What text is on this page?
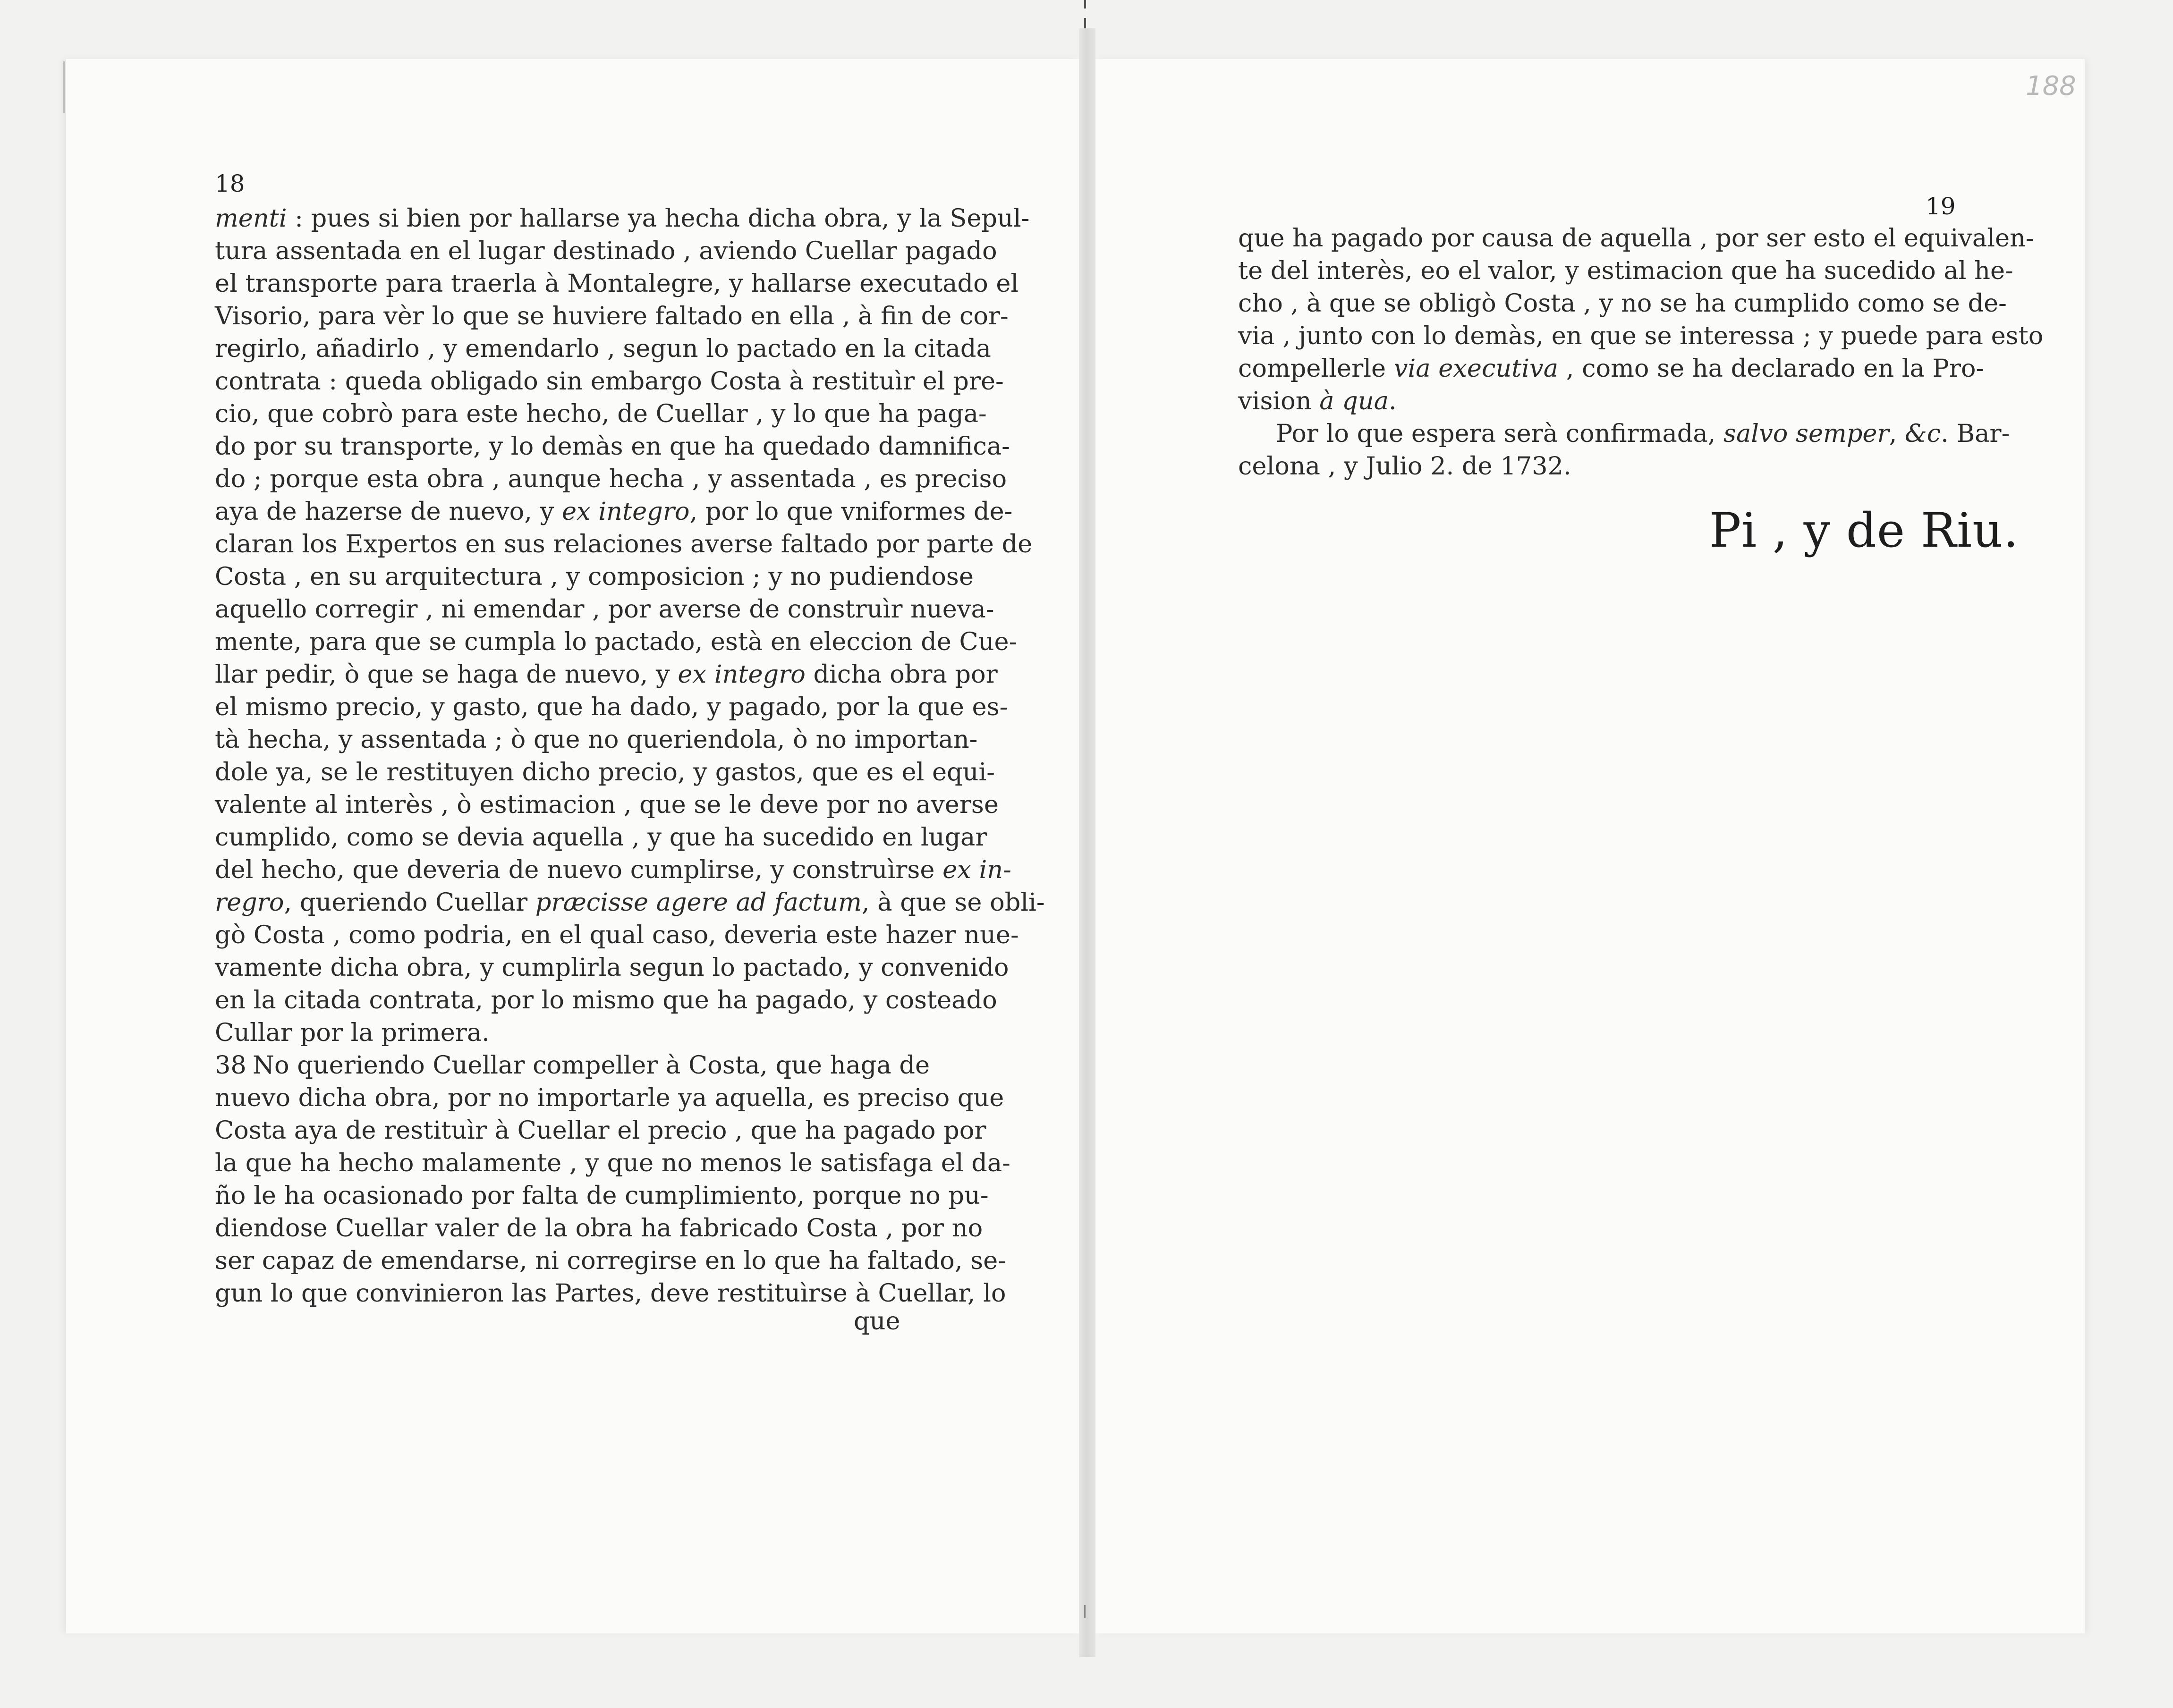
18
menti : pues si bien por hallarse ya hecha dicha obra, y la Sepul-
tura assentada en el lugar destinado , aviendo Cuellar pagado
el transporte para traerla à Montalegre, y hallarse executado el
Visorio, para vèr lo que se huviere faltado en ella , à fin de cor-
regirlo, añadirlo , y emendarlo , segun lo pactado en la citada
contrata : queda obligado sin embargo Costa à restituìr el pre-
cio, que cobrò para este hecho, de Cuellar , y lo que ha paga-
do por su transporte, y lo demàs en que ha quedado damnifica-
do ; porque esta obra , aunque hecha , y assentada , es preciso
aya de hazerse de nuevo, y ex integro, por lo que vniformes de-
claran los Expertos en sus relaciones averse faltado por parte de
Costa , en su arquitectura , y composicion ; y no pudiendose
aquello corregir , ni emendar , por averse de construìr nueva-
mente, para que se cumpla lo pactado, està en eleccion de Cue-
llar pedir, ò que se haga de nuevo, y ex integro dicha obra por
el mismo precio, y gasto, que ha dado, y pagado, por la que es-
tà hecha, y assentada ; ò que no queriendola, ò no importan-
dole ya, se le restituyen dicho precio, y gastos, que es el equi-
valente al interès , ò estimacion , que se le deve por no averse
cumplido, como se devia aquella , y que ha sucedido en lugar
del hecho, que deveria de nuevo cumplirse, y construìrse ex in-
regro, queriendo Cuellar præcisse agere ad factum, à que se obli-
gò Costa , como podria, en el qual caso, deveria este hazer nue-
vamente dicha obra, y cumplirla segun lo pactado, y convenido
en la citada contrata, por lo mismo que ha pagado, y costeado
Cullar por la primera.
38 No queriendo Cuellar compeller à Costa, que haga de
nuevo dicha obra, por no importarle ya aquella, es preciso que
Costa aya de restituìr à Cuellar el precio , que ha pagado por
la que ha hecho malamente , y que no menos le satisfaga el da-
ño le ha ocasionado por falta de cumplimiento, porque no pu-
diendose Cuellar valer de la obra ha fabricado Costa , por no
ser capaz de emendarse, ni corregirse en lo que ha faltado, se-
gun lo que convinieron las Partes, deve restituìrse à Cuellar, lo
que
188
19
que ha pagado por causa de aquella , por ser esto el equivalen-
te del interès, eo el valor, y estimacion que ha sucedido al he-
cho , à que se obligò Costa , y no se ha cumplido como se de-
via , junto con lo demàs, en que se interessa ; y puede para esto
compellerle via executiva , como se ha declarado en la Pro-
vision à qua.
Por lo que espera serà confirmada, salvo semper, &c. Bar-
celona , y Julio 2. de 1732.
Pi , y de Riu.
